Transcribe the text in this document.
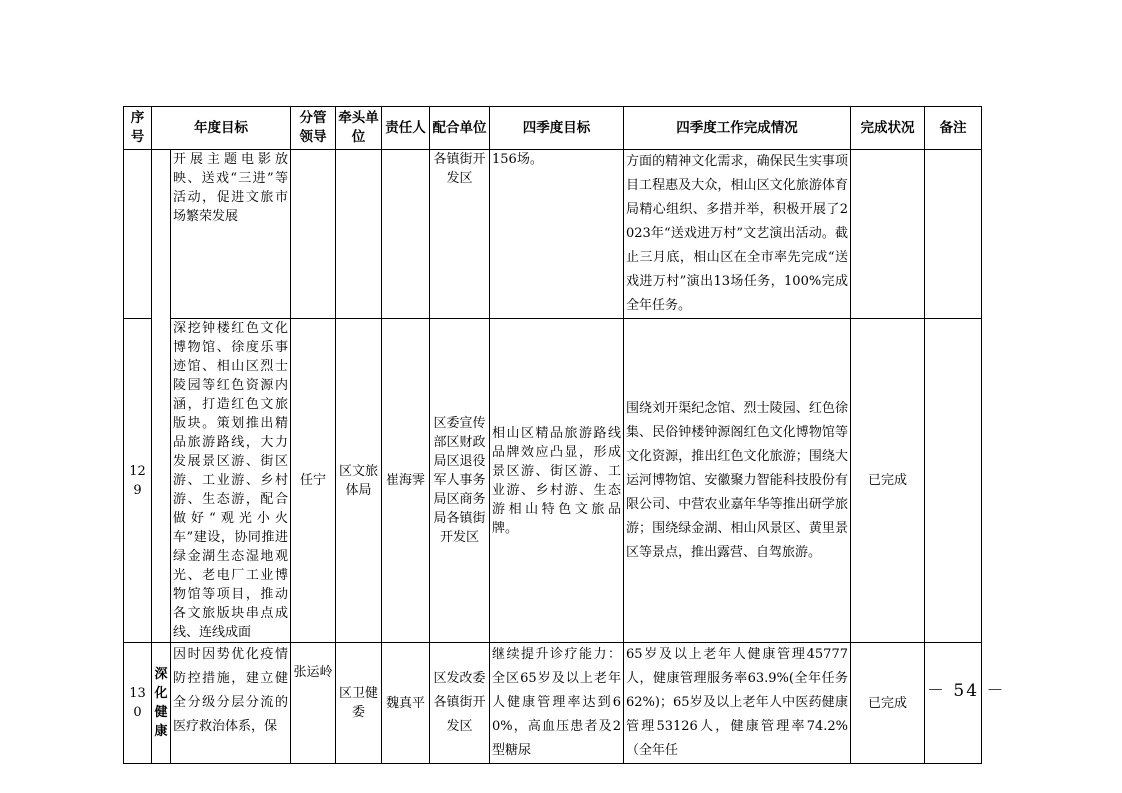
序号	年度目标		分管领导	牵头单位	责任人	配合单位	四季度目标	四季度工作完成情况	完成状况	备注
		开展主题电影放映、送戏“三进”等活动，促进文旅市场繁荣发展				各镇街开发区	156场。	方面的精神文化需求，确保民生实事项目工程惠及大众，相山区文化旅游体育局精心组织、多措并举，积极开展了2023年“送戏进万村”文艺演出活动。截止三月底，相山区在全市率先完成“送戏进万村”演出13场任务，100%完成全年任务。		
129		深挖钟楼红色文化博物馆、徐度乐事迹馆、相山区烈士陵园等红色资源内涵，打造红色文旅版块。策划推出精品旅游路线，大力发展景区游、街区游、工业游、乡村游、生态游，配合做好“观光小火车”建设，协同推进绿金湖生态湿地观光、老电厂工业博物馆等项目，推动各文旅版块串点成线、连线成面	任宁	区文旅体局	崔海霁	区委宣传部区财政局区退役军人事务局区商务局各镇街开发区	相山区精品旅游路线品牌效应凸显，形成景区游、街区游、工业游、乡村游、生态游相山特色文旅品牌。	围绕刘开渠纪念馆、烈士陵园、红色徐集、民俗钟楼钟源阁红色文化博物馆等文化资源，推出红色文化旅游；围绕大运河博物馆、安徽聚力智能科技股份有限公司、中营农业嘉年华等推出研学旅游；围绕绿金湖、相山风景区、黄里景区等景点，推出露营、自驾旅游。	已完成	
130	深化健康	因时因势优化疫情防控措施，建立健全分级分层分流的医疗救治体系，保	张运岭	区卫健委	魏真平	区发改委各镇街开发区	继续提升诊疗能力：全区65岁及以上老年人健康管理率达到60%，高血压患者及2型糖尿	65岁及以上老年人健康管理45777人，健康管理服务率63.9%(全年任务62%)；65岁及以上老年人中医药健康管理53126人，健康管理率74.2%（全年任	已完成	
－ 54 －
